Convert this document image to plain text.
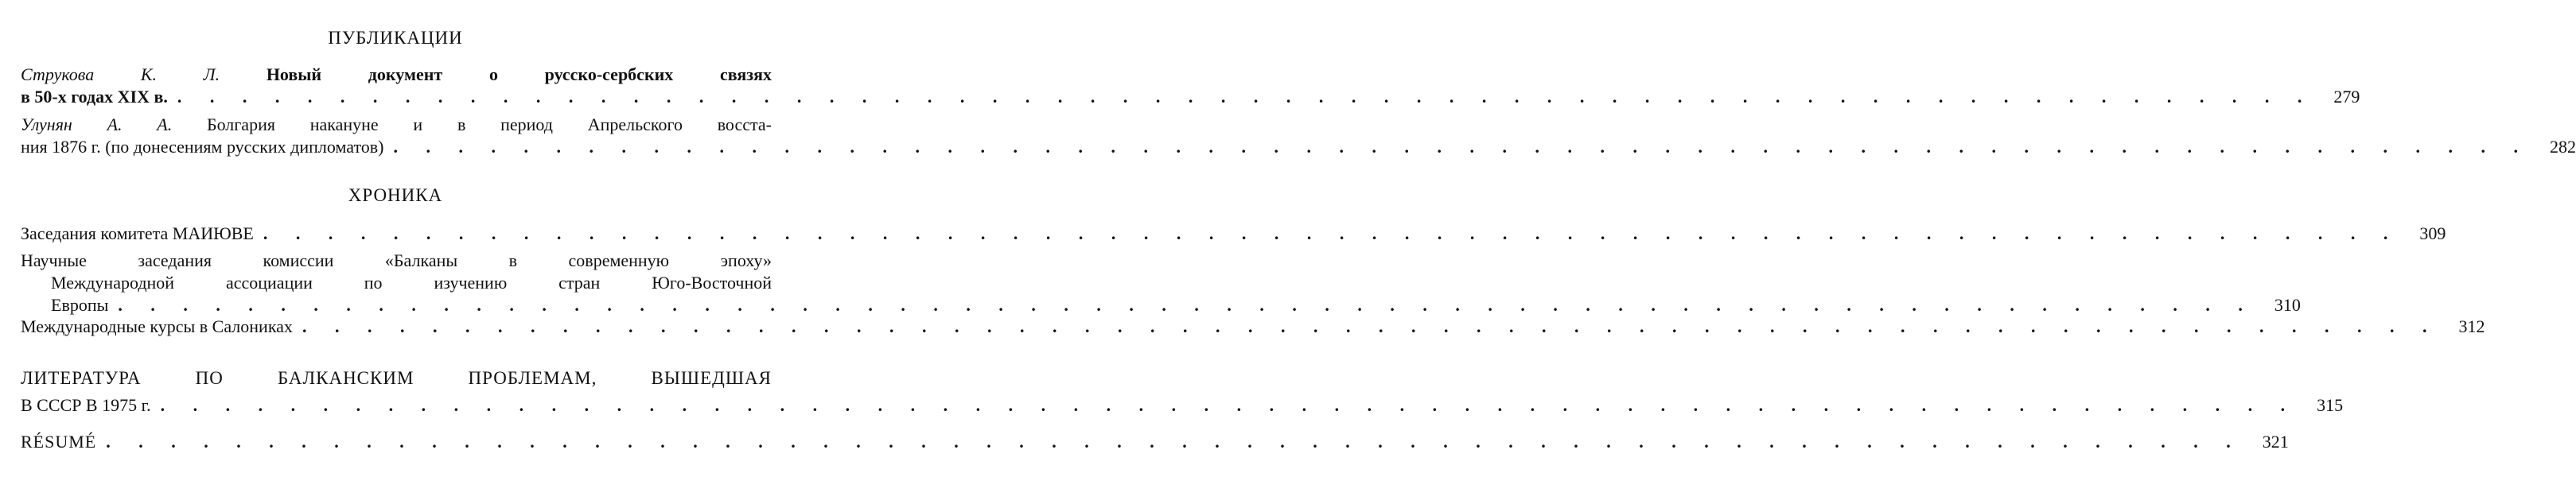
ПУБЛИКАЦИИ
Струкова К. Л.	Новый документ о русско-сербских связях
в 50-х годах XIX в. . . . . . . . . . . . . . . . . . . . . . . . . . . . . . . . . . . . . . . . . . . . . . . . . . . . . . . . . . . . . . . . . . .	279
Улунян А. А. Болгария накануне и в период Апрельского восста-
ния 1876 г. (по донесениям русских дипломатов) . . . . . . . . . . . . . . . . . . . . . . . . . . . . . . . . . . . . . . . . . . . . . . . . . . . . . . . . . . . . . . . . . .	282
ХРОНИКА
Заседания комитета МАИЮВЕ . . . . . . . . . . . . . . . . . . . . . . . . . . . . . . . . . . . . . . . . . . . . . . . . . . . . . . . . . . . . . . . . . .	309
Научные заседания комиссии «Балканы в современную эпоху»
Международной ассоциации по изучению стран Юго-Восточной
Европы . . . . . . . . . . . . . . . . . . . . . . . . . . . . . . . . . . . . . . . . . . . . . . . . . . . . . . . . . . . . . . . . . .	310
Международные курсы в Салониках . . . . . . . . . . . . . . . . . . . . . . . . . . . . . . . . . . . . . . . . . . . . . . . . . . . . . . . . . . . . . . . . . .	312
ЛИТЕРАТУРА ПО БАЛКАНСКИМ ПРОБЛЕМАМ, ВЫШЕДШАЯ
В СССР В 1975 г. . . . . . . . . . . . . . . . . . . . . . . . . . . . . . . . . . . . . . . . . . . . . . . . . . . . . . . . . . . . . . . . . . .	315
RÉSUMÉ . . . . . . . . . . . . . . . . . . . . . . . . . . . . . . . . . . . . . . . . . . . . . . . . . . . . . . . . . . . . . . . . . .	321
